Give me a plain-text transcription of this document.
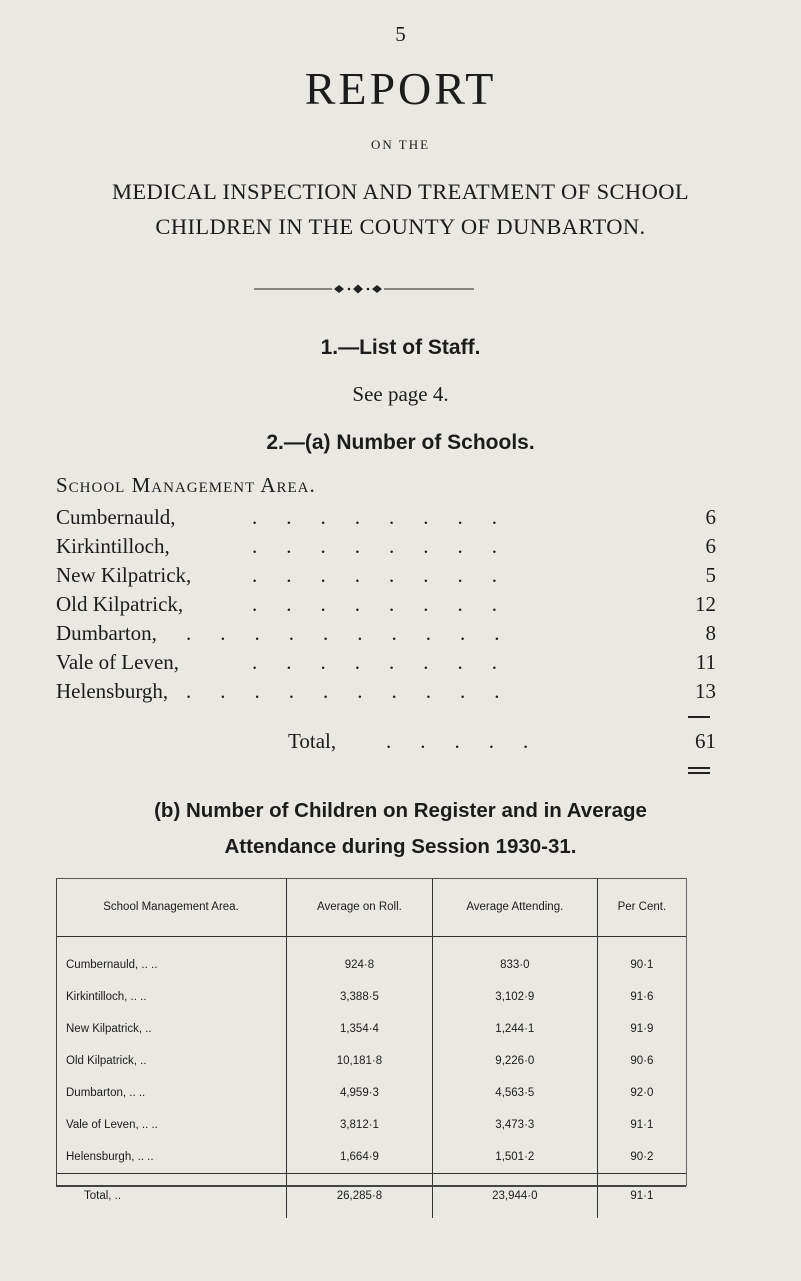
5
REPORT
ON THE
MEDICAL INSPECTION AND TREATMENT OF SCHOOL
CHILDREN IN THE COUNTY OF DUNBARTON.
1.—List of Staff.
See page 4.
2.—(a) Number of Schools.
School Management Area.
Cumbernauld,	........	6
Kirkintilloch,	........	6
New Kilpatrick,	........	5
Old Kilpatrick,	........	12
Dumbarton, ..........	8
Vale of Leven,	........	11
Helensburgh, ..........	13
Total, .....	61
(b) Number of Children on Register and in Average
Attendance during Session 1930-31.
School Management Area.	Average on Roll.	Average Attending.	Per Cent.
Cumbernauld, .. ..	924·8	833·0	90·1
Kirkintilloch, .. ..	3,388·5	3,102·9	91·6
New Kilpatrick, ..	1,354·4	1,244·1	91·9
Old Kilpatrick, ..	10,181·8	9,226·0	90·6
Dumbarton, .. ..	4,959·3	4,563·5	92·0
Vale of Leven, .. ..	3,812·1	3,473·3	91·1
Helensburgh, .. ..	1,664·9	1,501·2	90·2
Total, ..	26,285·8	23,944·0	91·1
